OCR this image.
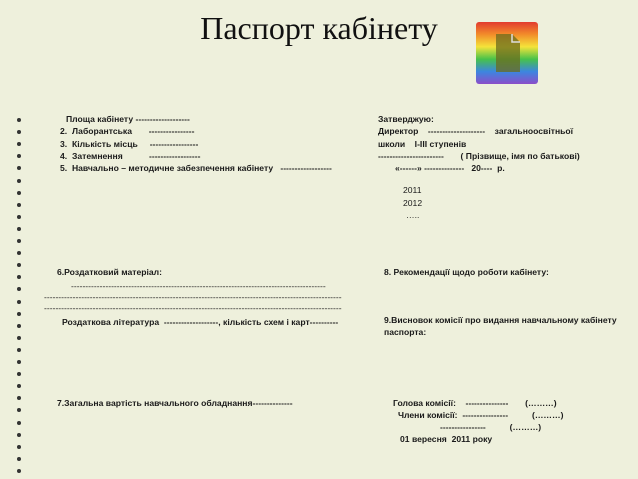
Паспорт кабінету
Площа кабінету -------------------
2.  Лаборантська       ----------------
3.  Кількість місць     -----------------
4.  Затемнення           ------------------
5.  Навчально – методичне забезпечення кабінету   ------------------
6.Роздатковий матеріал:
-----------------------------------------------------------------------------------------
--------------------------------------------------------------------------------------------------------
--------------------------------------------------------------------------------------------------------
Роздаткова література  -------------------, кількість схем і карт----------
7.Загальна вартість навчального обладнання--------------
Затверджую:
Директор    --------------------    загальноосвітньої
школи    І-ІІІ ступенів
-----------------------       ( Прізвище, імя по батькові)
«------» --------------   20----  р.
2011
2012
…..
8. Рекомендації щодо роботи кабінету:
9.Висновок комісії про видання навчальному кабінету
паспорта:
Голова комісії:    ---------------       (………)
Члени комісії:  ----------------          (………)
----------------          (………)
01 вересня  2011 року
